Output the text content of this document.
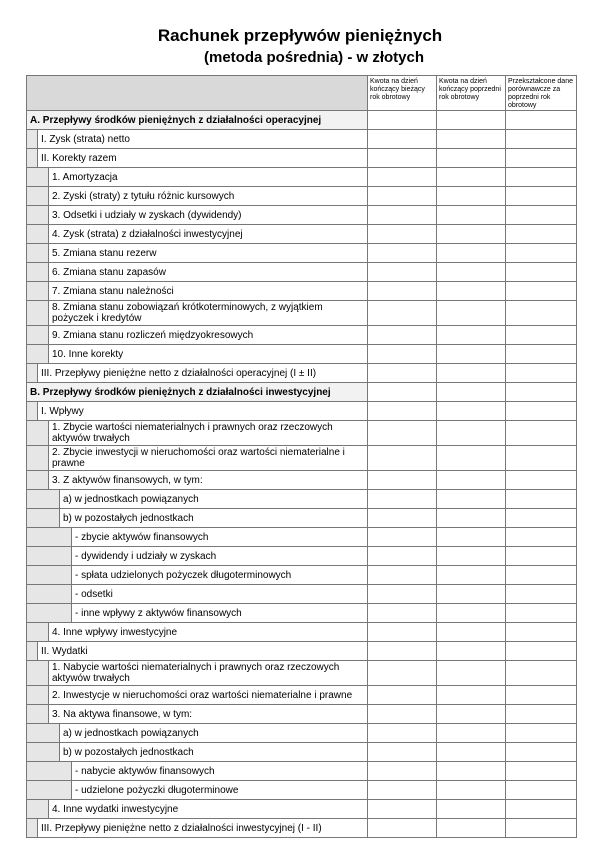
Rachunek przepływów pieniężnych
(metoda pośrednia) - w złotych
	Kwota na dzień kończący bieżący rok obrotowy	Kwota na dzień kończący poprzedni rok obrotowy	Przekształcone dane porównawcze za poprzedni rok obrotowy
A. Przepływy środków pieniężnych z działalności operacyjnej			

I. Zysk (strata) netto			

II. Korekty razem			

1. Amortyzacja			

2. Zyski (straty) z tytułu różnic kursowych			

3. Odsetki i udziały w zyskach (dywidendy)			

4. Zysk (strata) z działalności inwestycyjnej			

5. Zmiana stanu rezerw			

6. Zmiana stanu zapasów			

7. Zmiana stanu należności			

8. Zmiana stanu zobowiązań krótkoterminowych, z wyjątkiem pożyczek i kredytów			

9. Zmiana stanu rozliczeń międzyokresowych			

10. Inne korekty			

III. Przepływy pieniężne netto z działalności operacyjnej (I ± II)			

B. Przepływy środków pieniężnych z działalności inwestycyjnej			

I. Wpływy			

1. Zbycie wartości niematerialnych i prawnych oraz rzeczowych aktywów trwałych			

2. Zbycie inwestycji w nieruchomości oraz wartości niematerialne i prawne			

3. Z aktywów finansowych, w tym:			

a) w jednostkach powiązanych			

b) w pozostałych jednostkach			

- zbycie aktywów finansowych			

- dywidendy i udziały w zyskach			

- spłata udzielonych pożyczek długoterminowych			

- odsetki			

- inne wpływy z aktywów finansowych			

4. Inne wpływy inwestycyjne			

II. Wydatki			

1. Nabycie wartości niematerialnych i prawnych oraz rzeczowych aktywów trwałych			

2. Inwestycje w nieruchomości oraz wartości niematerialne i prawne			

3. Na aktywa finansowe, w tym:			

a) w jednostkach powiązanych			

b) w pozostałych jednostkach			

- nabycie aktywów finansowych			

- udzielone pożyczki długoterminowe			

4. Inne wydatki inwestycyjne			

III. Przepływy pieniężne netto z działalności inwestycyjnej (I - II)			
